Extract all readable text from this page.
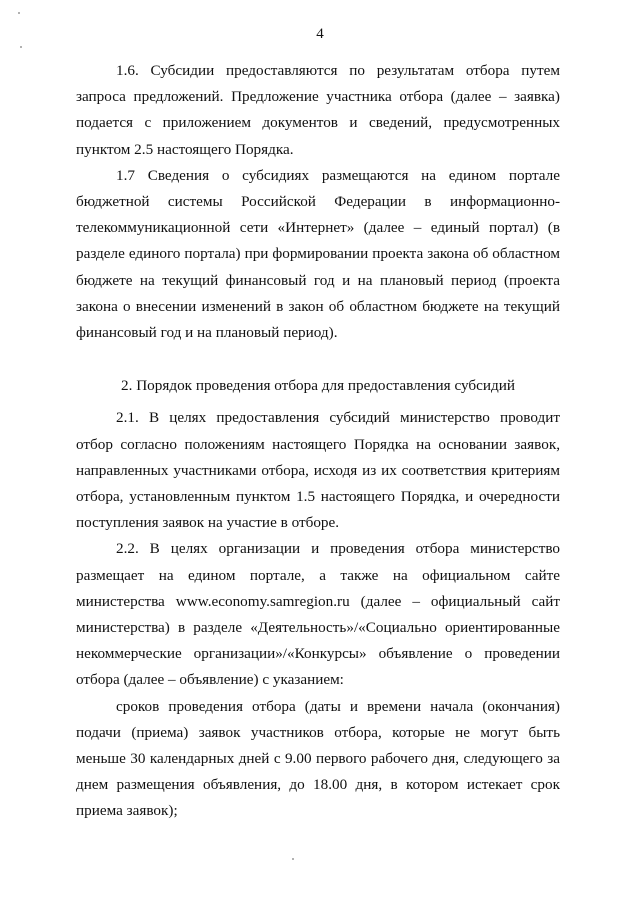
4

1.6. Субсидии предоставляются по результатам отбора путем запроса предложений. Предложение участника отбора (далее – заявка) подается с приложением документов и сведений, предусмотренных пунктом 2.5 настоящего Порядка.

1.7 Сведения о субсидиях размещаются на едином портале бюджетной системы Российской Федерации в информационно-телекоммуникационной сети «Интернет» (далее – единый портал) (в разделе единого портала) при формировании проекта закона об областном бюджете на текущий финансовый год и на плановый период (проекта закона о внесении изменений в закон об областном бюджете на текущий финансовый год и на плановый период).

2. Порядок проведения отбора для предоставления субсидий

2.1. В целях предоставления субсидий министерство проводит отбор согласно положениям настоящего Порядка на основании заявок, направленных участниками отбора, исходя из их соответствия критериям отбора, установленным пунктом 1.5 настоящего Порядка, и очередности поступления заявок на участие в отборе.

2.2. В целях организации и проведения отбора министерство размещает на едином портале, а также на официальном сайте министерства www.economy.samregion.ru (далее – официальный сайт министерства) в разделе «Деятельность»/«Социально ориентированные некоммерческие организации»/«Конкурсы» объявление о проведении отбора (далее – объявление) с указанием:

сроков проведения отбора (даты и времени начала (окончания) подачи (приема) заявок участников отбора, которые не могут быть меньше 30 календарных дней с 9.00 первого рабочего дня, следующего за днем размещения объявления, до 18.00 дня, в котором истекает срок приема заявок);
